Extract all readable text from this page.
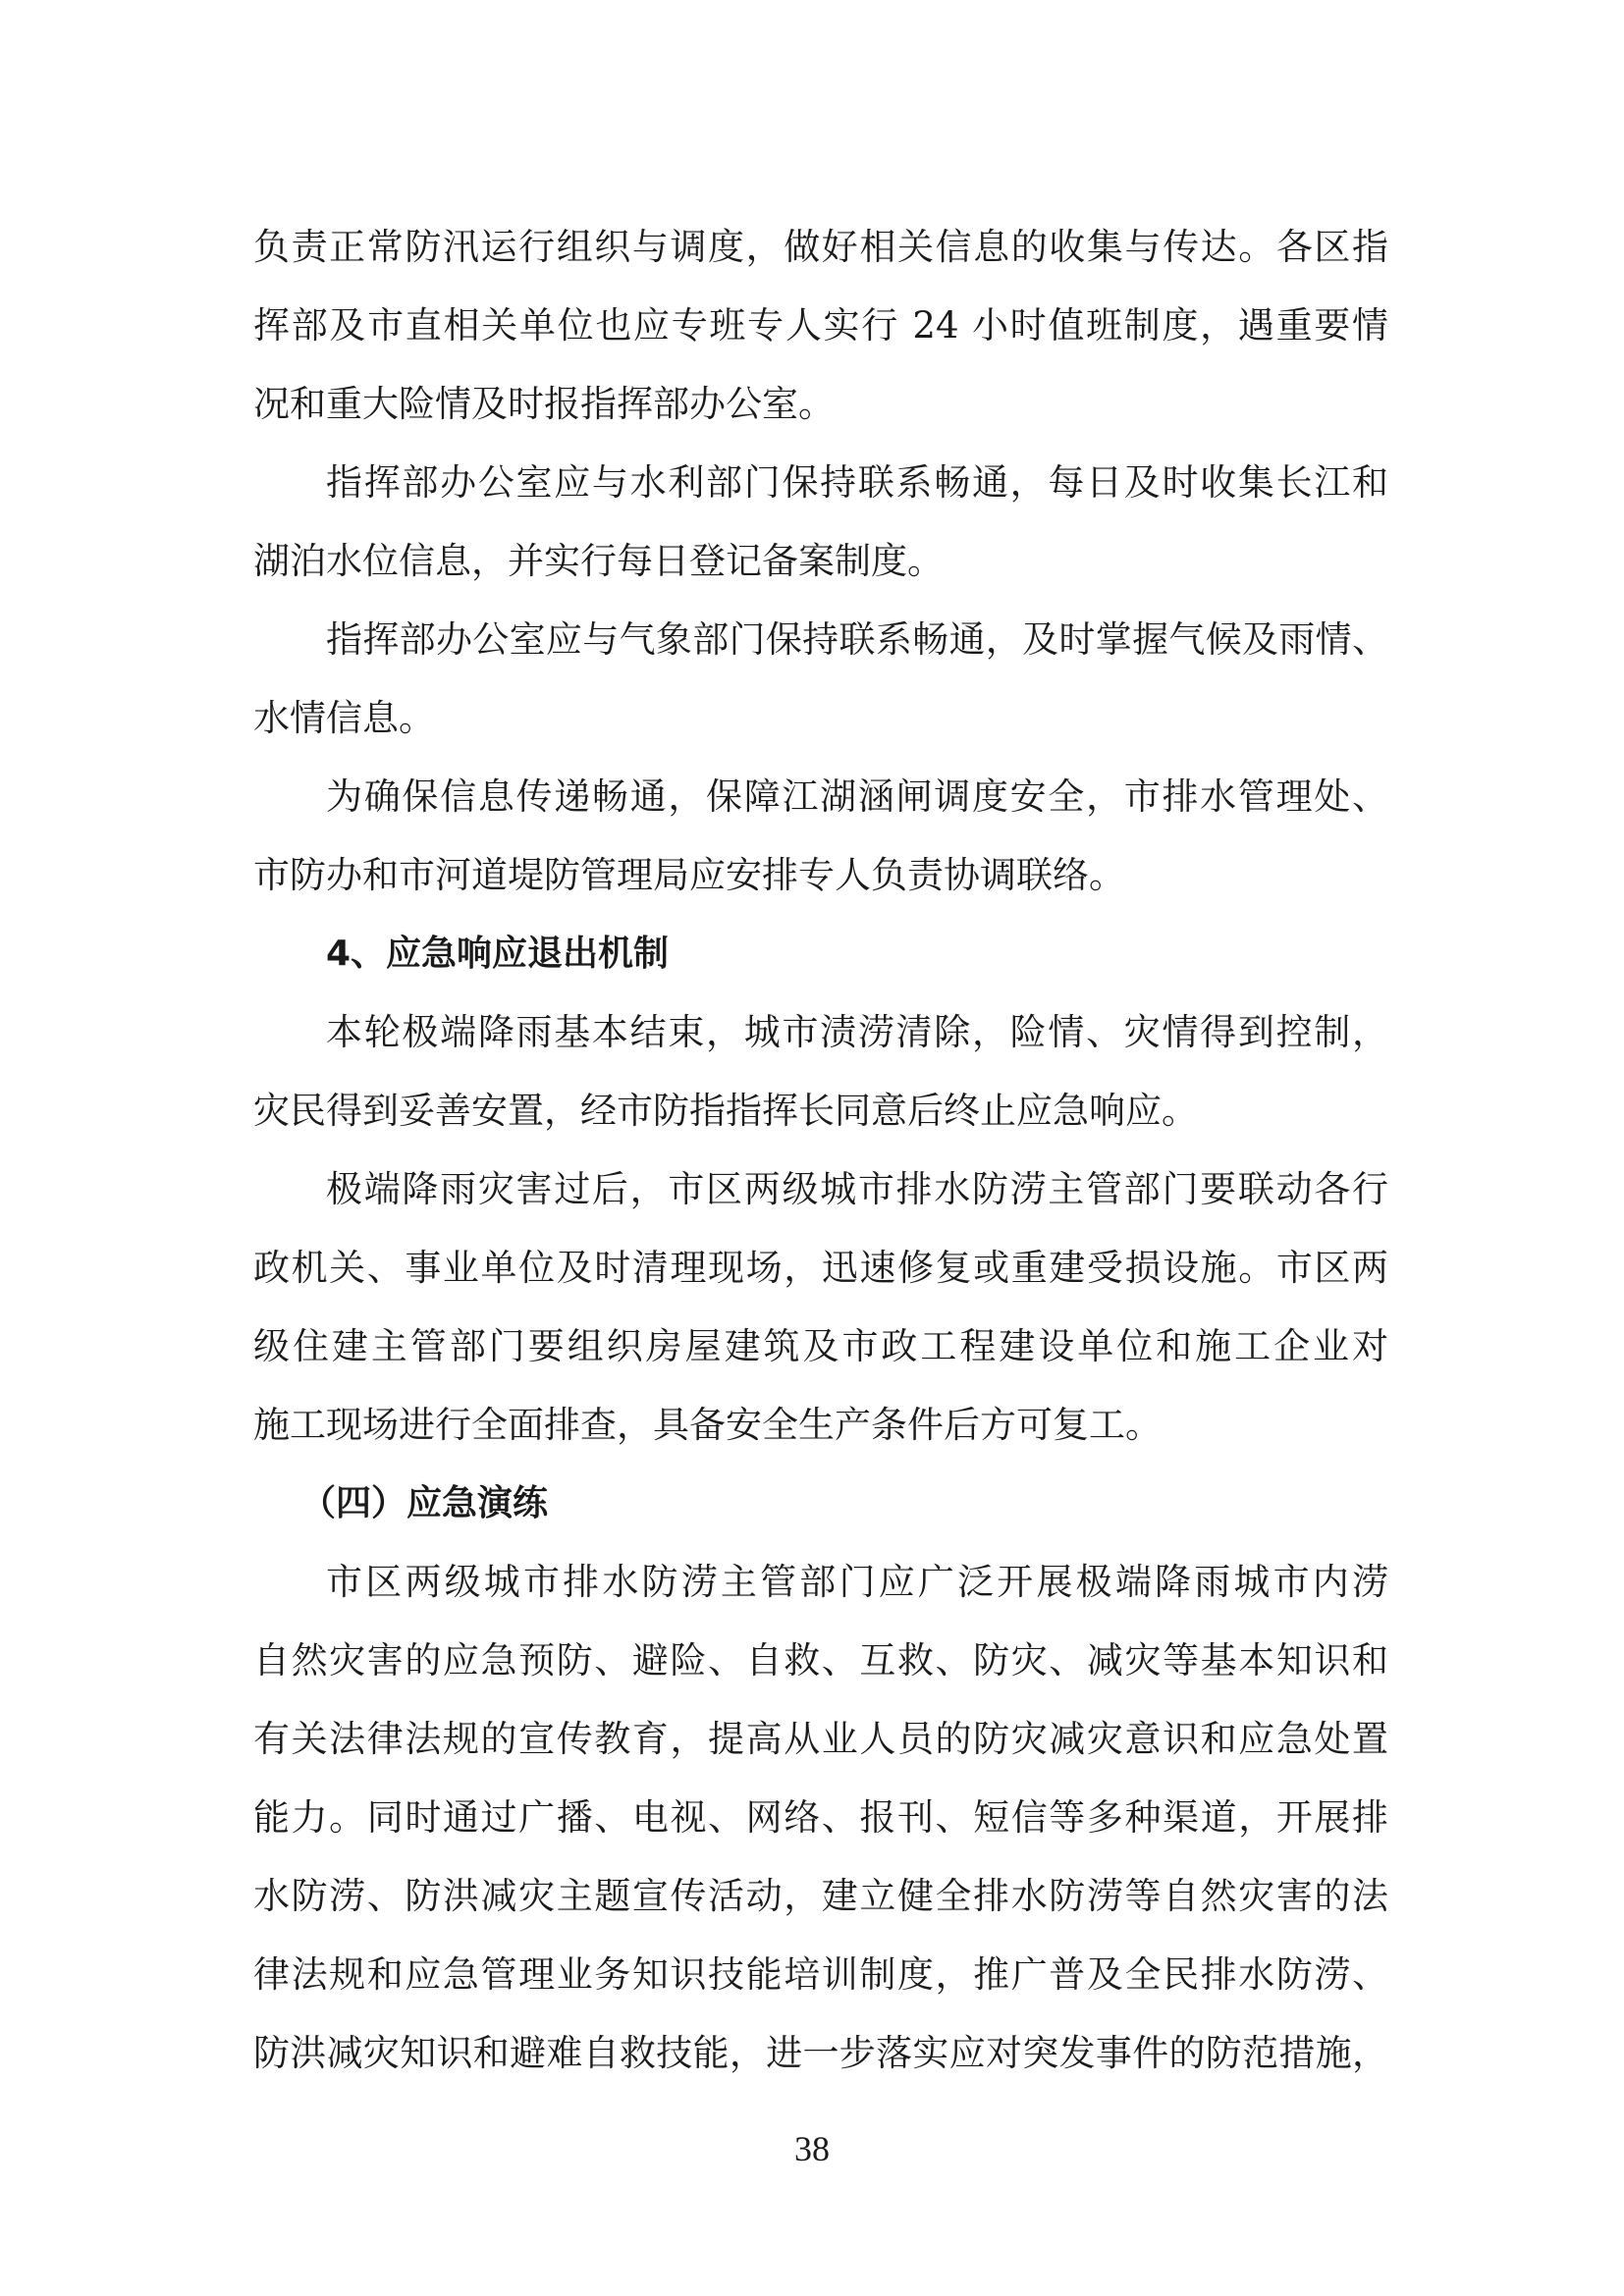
负责正常防汛运行组织与调度，做好相关信息的收集与传达。各区指
挥部及市直相关单位也应专班专人实行 24 小时值班制度，遇重要情
况和重大险情及时报指挥部办公室。
指挥部办公室应与水利部门保持联系畅通，每日及时收集长江和
湖泊水位信息，并实行每日登记备案制度。
指挥部办公室应与气象部门保持联系畅通，及时掌握气候及雨情、
水情信息。
为确保信息传递畅通，保障江湖涵闸调度安全，市排水管理处、
市防办和市河道堤防管理局应安排专人负责协调联络。
4、应急响应退出机制
本轮极端降雨基本结束，城市渍涝清除，险情、灾情得到控制，
灾民得到妥善安置，经市防指指挥长同意后终止应急响应。
极端降雨灾害过后，市区两级城市排水防涝主管部门要联动各行
政机关、事业单位及时清理现场，迅速修复或重建受损设施。市区两
级住建主管部门要组织房屋建筑及市政工程建设单位和施工企业对
施工现场进行全面排查，具备安全生产条件后方可复工。
（四）应急演练
市区两级城市排水防涝主管部门应广泛开展极端降雨城市内涝
自然灾害的应急预防、避险、自救、互救、防灾、减灾等基本知识和
有关法律法规的宣传教育，提高从业人员的防灾减灾意识和应急处置
能力。同时通过广播、电视、网络、报刊、短信等多种渠道，开展排
水防涝、防洪减灾主题宣传活动，建立健全排水防涝等自然灾害的法
律法规和应急管理业务知识技能培训制度，推广普及全民排水防涝、
防洪减灾知识和避难自救技能，进一步落实应对突发事件的防范措施，
38
